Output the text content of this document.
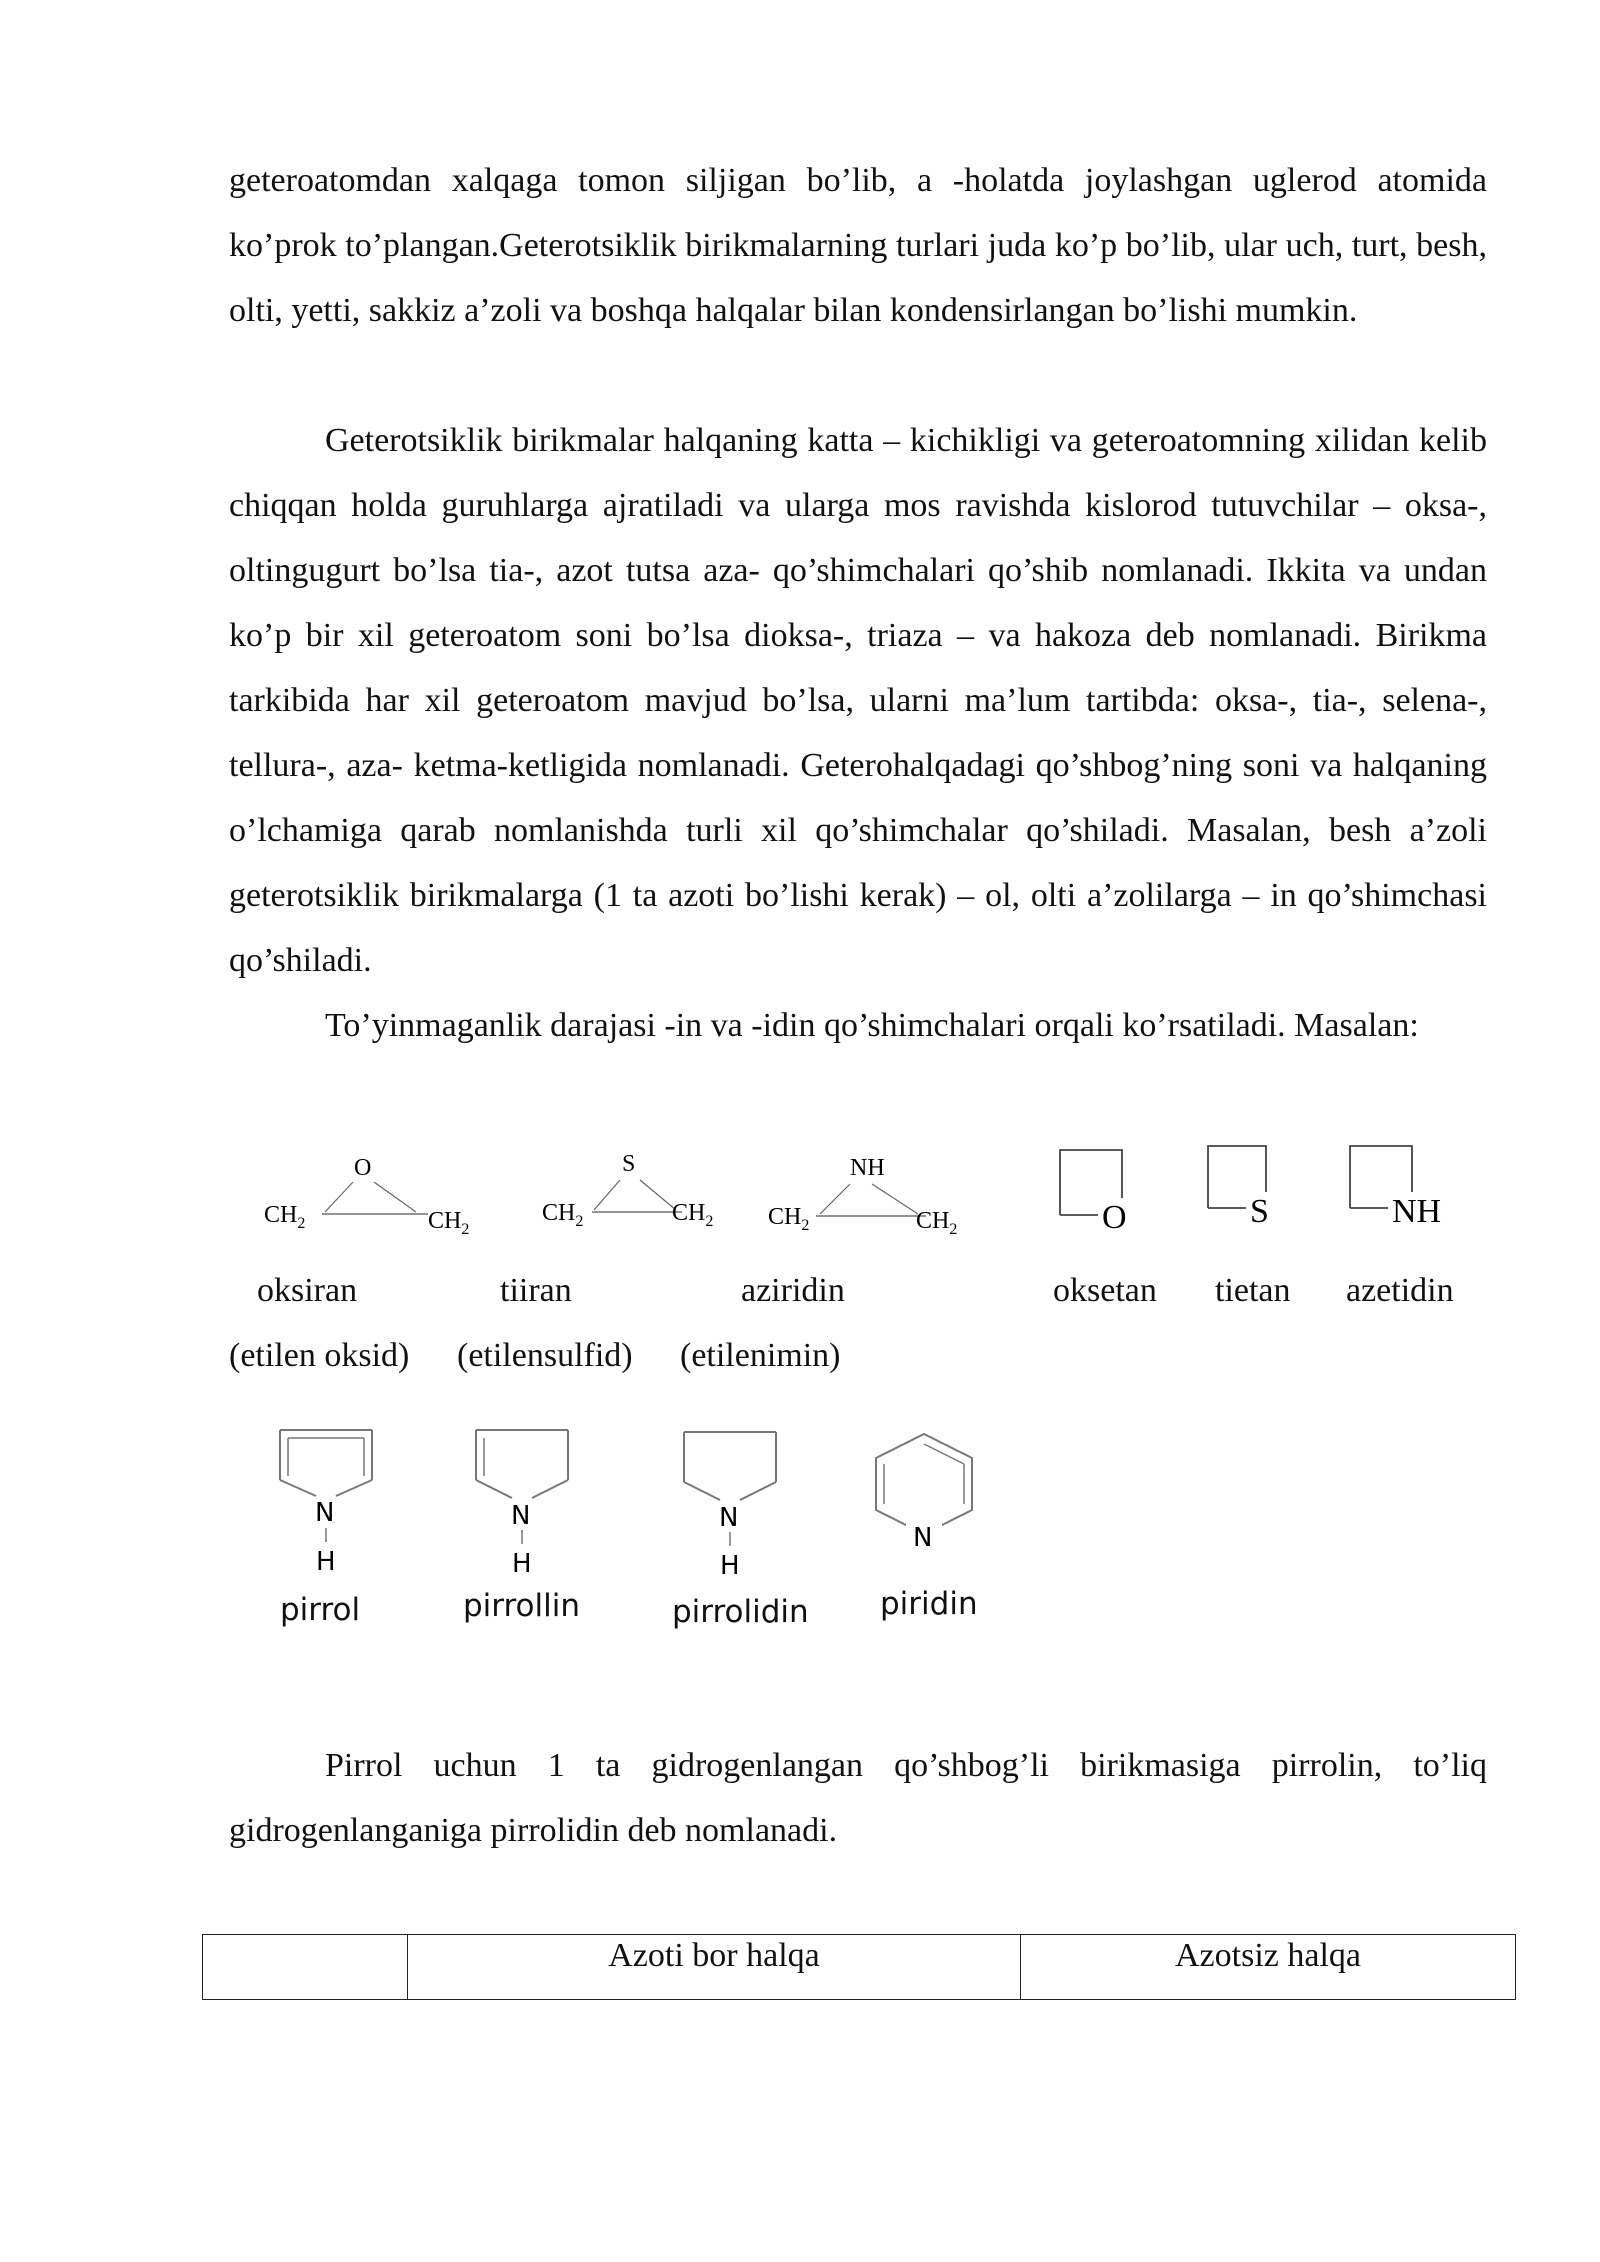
geteroatomdan xalqaga tomon siljigan bo’lib, a -holatda joylashgan uglerod atomida ko’prok to’plangan.Geterotsiklik birikmalarning turlari juda ko’p bo’lib, ular uch, turt, besh, olti, yetti, sakkiz a’zoli va boshqa halqalar bilan kondensirlangan bo’lishi mumkin.

Geterotsiklik birikmalar halqaning katta – kichikligi va geteroatomning xilidan kelib chiqqan holda guruhlarga ajratiladi va ularga mos ravishda kislorod tutuvchilar – oksa-, oltingugurt bo’lsa tia-, azot tutsa aza- qo’shimchalari qo’shib nomlanadi. Ikkita va undan ko’p bir xil geteroatom soni bo’lsa dioksa-, triaza – va hakoza deb nomlanadi. Birikma tarkibida har xil geteroatom mavjud bo’lsa, ularni ma’lum tartibda: oksa-, tia-, selena-, tellura-, aza- ketma-ketligida nomlanadi. Geterohalqadagi qo’shbog’ning soni va halqaning o’lchamiga qarab nomlanishda turli xil qo’shimchalar qo’shiladi. Masalan, besh a’zoli geterotsiklik birikmalarga (1 ta azoti bo’lishi kerak) – ol, olti a’zolilarga – in qo’shimchasi qo’shiladi.

To’yinmaganlik darajasi -in va -idin qo’shimchalari orqali ko’rsatiladi. Masalan:

O
$CH_2$	$CH_2$
S
$CH_2$	$CH_2$
NH
$CH_2$	$CH_2$	O	S	NH
oksiran	tiiran	aziridin	oksetan tietan azetidin
(etilen oksid) (etilensulfid) (etilenimin)
N
H
N
H
N
H
N
pirrol	pirrollin	pirrolidin piridin

Pirrol uchun 1 ta gidrogenlangan qo’shbog’li birikmasiga pirrolin, to’liq gidrogenlanganiga pirrolidin deb nomlanadi.

	Azoti bor halqa	Azotsiz halqa
